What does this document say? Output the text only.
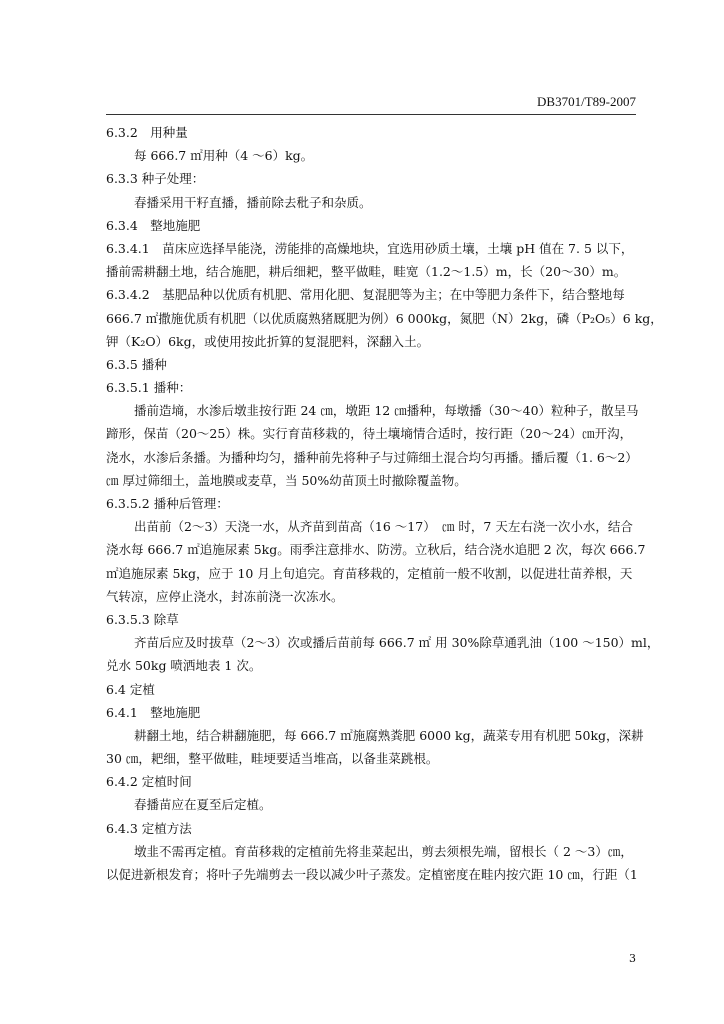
DB3701/T89-2007
6.3.2　用种量
每 666.7 ㎡用种（4 ～6）kg。
6.3.3 种子处理：
春播采用干籽直播，播前除去秕子和杂质。
6.3.4　整地施肥
6.3.4.1　苗床应选择旱能浇，涝能排的高燥地块，宜选用砂质土壤，土壤 pH 值在 7. 5 以下，
播前需耕翻土地，结合施肥，耕后细耙，整平做畦，畦宽（1.2～1.5）m，长（20～30）m。
6.3.4.2　基肥品种以优质有机肥、常用化肥、复混肥等为主；在中等肥力条件下，结合整地每
666.7 ㎡撒施优质有机肥（以优质腐熟猪厩肥为例）6 000kg，氮肥（N）2kg，磷（P₂O₅）6 kg，
钾（K₂O）6kg，或使用按此折算的复混肥料，深翻入土。
6.3.5 播种
6.3.5.1 播种：
播前造墒，水渗后墩韭按行距 24 ㎝，墩距 12 ㎝播种，每墩播（30～40）粒种子，散呈马
蹄形，保苗（20～25）株。实行育苗移栽的，待土壤墒情合适时，按行距（20～24）㎝开沟，
浇水，水渗后条播。为播种均匀，播种前先将种子与过筛细土混合均匀再播。播后覆（1. 6～2）
㎝ 厚过筛细土，盖地膜或麦草，当 50%幼苗顶土时撤除覆盖物。
6.3.5.2 播种后管理：
出苗前（2～3）天浇一水，从齐苗到苗高（16 ～17）　㎝ 时，7 天左右浇一次小水，结合
浇水每 666.7 ㎡追施尿素 5kg。雨季注意排水、防涝。立秋后，结合浇水追肥 2 次，每次 666.7
㎡追施尿素 5kg，应于 10 月上旬追完。育苗移栽的，定植前一般不收割，以促进壮苗养根，天
气转凉，应停止浇水，封冻前浇一次冻水。
6.3.5.3 除草
齐苗后应及时拔草（2～3）次或播后苗前每 666.7 ㎡ 用 30%除草通乳油（100 ～150）ml，
兑水 50kg 喷洒地表 1 次。
6.4 定植
6.4.1　整地施肥
耕翻土地，结合耕翻施肥，每 666.7 ㎡施腐熟粪肥 6000 kg，蔬菜专用有机肥 50kg，深耕
30 ㎝，耙细，整平做畦，畦埂要适当堆高，以备韭菜跳根。
6.4.2 定植时间
春播苗应在夏至后定植。
6.4.3 定植方法
墩韭不需再定植。育苗移栽的定植前先将韭菜起出，剪去须根先端，留根长（ 2 ～3）㎝，
以促进新根发育；将叶子先端剪去一段以减少叶子蒸发。定植密度在畦内按穴距 10 ㎝，行距（1
3
